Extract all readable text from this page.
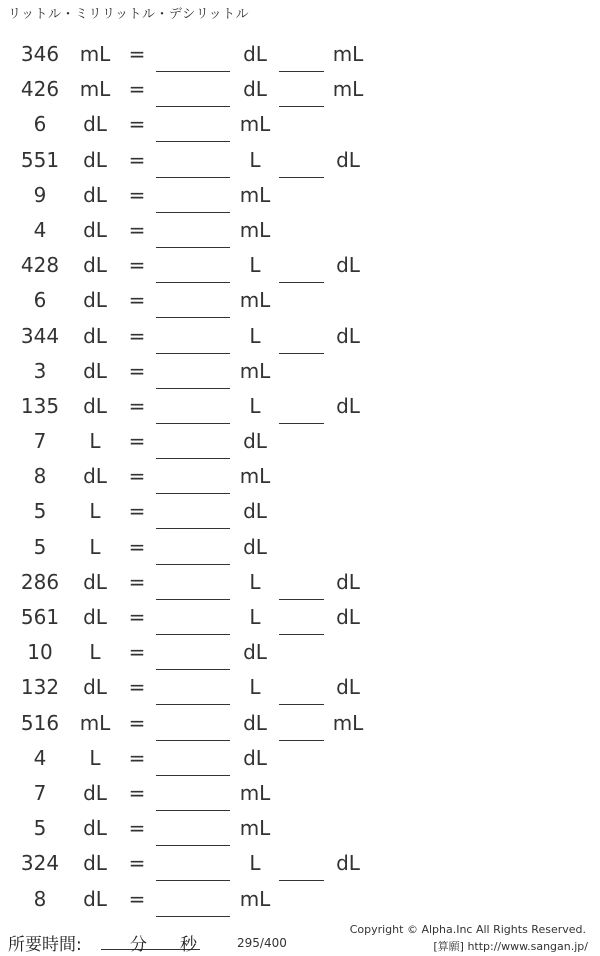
リットル・ミリリットル・デシリットル
346	mL =	dL	mL
426	mL =	dL	mL
6	dL	=	mL
551	dL	=	L	dL
9	dL	=	mL
4	dL	=	mL
428	dL	=	L	dL
6	dL	=	mL
344	dL	=	L	dL
3	dL	=	mL
135	dL	=	L	dL
7	L	=	dL
8	dL	=	mL
5	L	=	dL
5	L	=	dL
286	dL	=	L	dL
561	dL	=	L	dL
10	L	=	dL
132	dL	=	L	dL
516	mL =	dL	mL
4	L	=	dL
7	dL	=	mL
5	dL	=	mL
324	dL	=	L	dL
8	dL	=	mL
所要時間:	分 秒	295/400
Copyright © Alpha.Inc All Rights Reserved.
[算願] http://www.sangan.jp/
